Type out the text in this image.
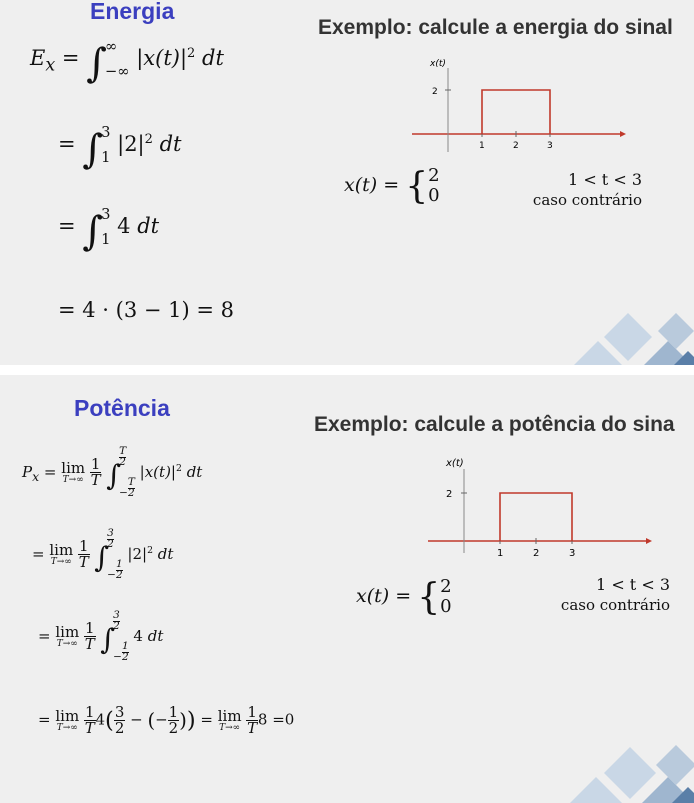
Energia
Exemplo: calcule a energia do sinal
$E_x$ = ∫
∞
−∞
$|x(t)|^2$ dt
= ∫
3
1
$|2|^2$ dt
= ∫
3
1
4 dt
= 4 · (3 − 1) = 8
x(t)
2
1	2	3
x(t) = { 2
0
1 < t < 3
caso contrário
Potência
Exemplo: calcule a potência do sina
$P_x = \lim$
T→∞
$\frac{1}{T}$ ∫
$\frac{T}{2}$
− $\frac{T}{2}$
$|x(t)|^2$ dt
= lim
T→∞
$\frac{1}{T}$ ∫
$\frac{3}{2}$
− $\frac{1}{2}$
$|2|^2$ dt
= lim
T→∞
$\frac{1}{T}$ ∫
$\frac{3}{2}$
− $\frac{1}{2}$
4 dt
= lim
T→∞
$\frac{1}{T} 4( \frac{3}{2}$ − (− $\frac{1}{2}$ )) = lim
T→∞
$\frac{1}{T} 8 =0$
x(t)
2
1	2	3
x(t) = { 2
0
1 < t < 3
caso contrário
